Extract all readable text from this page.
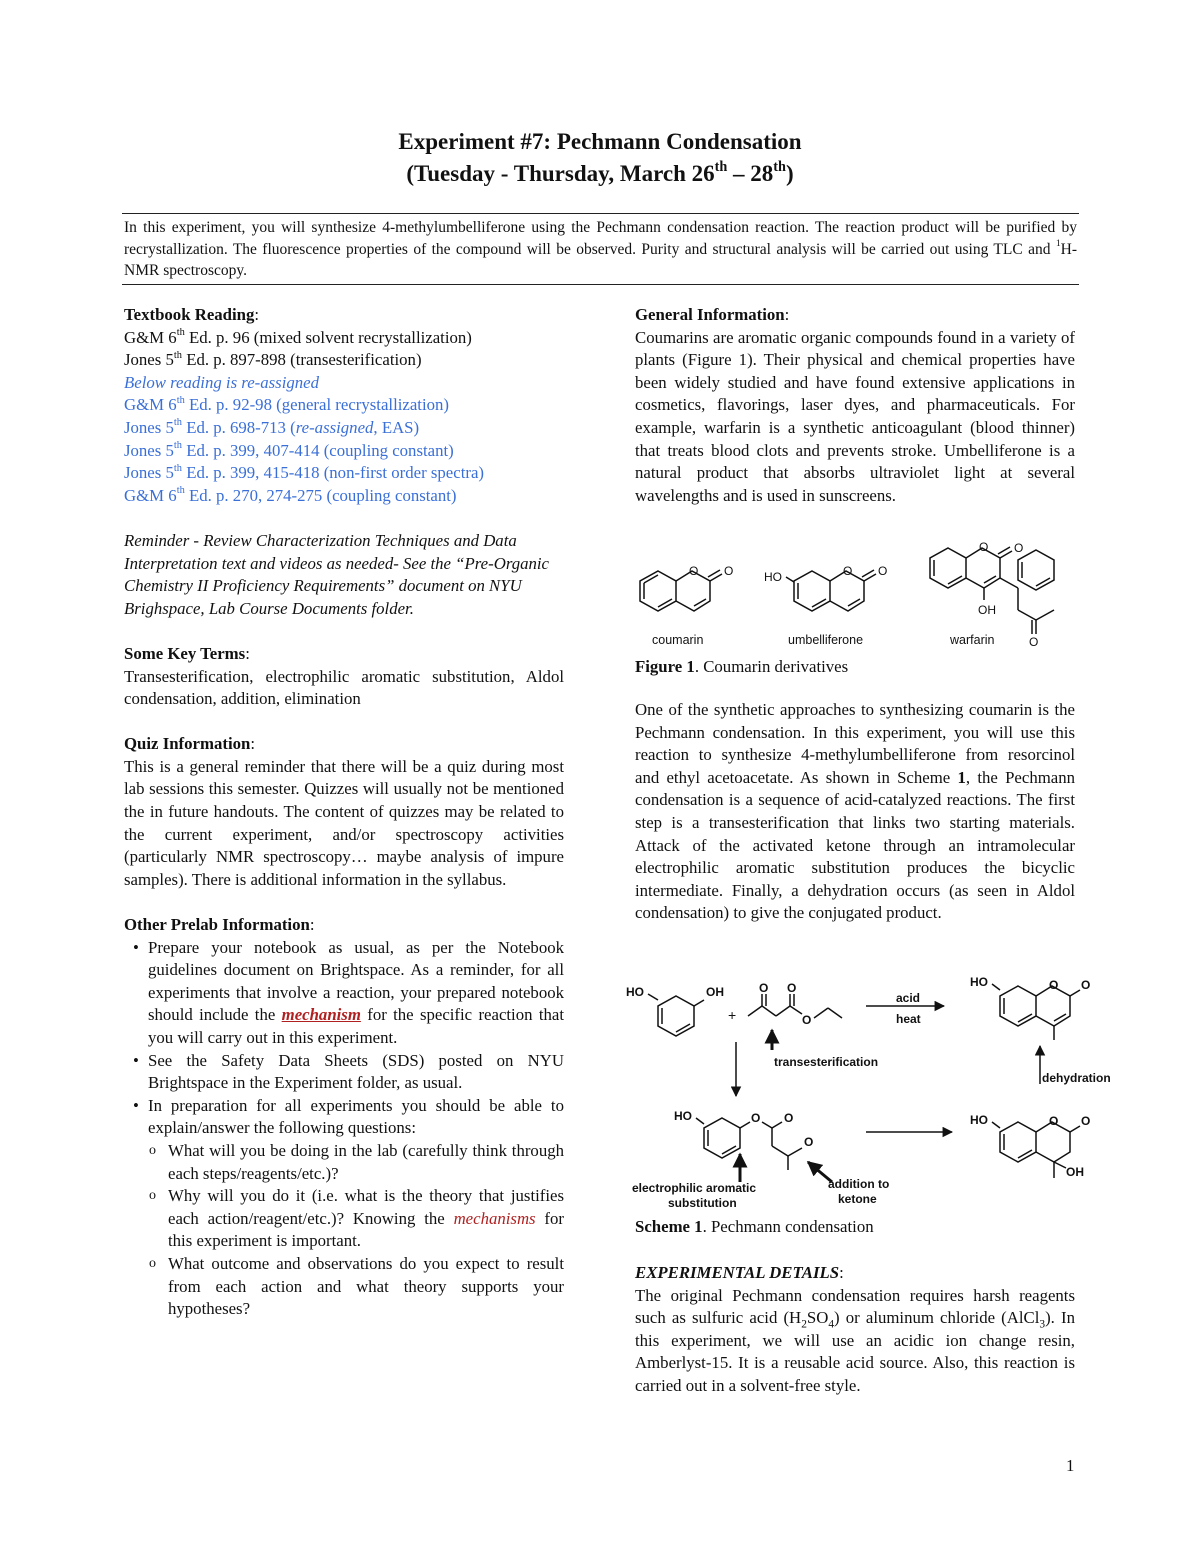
Experiment #7: Pechmann Condensation
(Tuesday - Thursday, March 26th – 28th)
In this experiment, you will synthesize 4-methylumbelliferone using the Pechmann condensation reaction. The reaction product will be purified by recrystallization. The fluorescence properties of the compound will be observed. Purity and structural analysis will be carried out using TLC and $^1$H-NMR spectroscopy.

Textbook Reading:

G&M 6th Ed. p. 96 (mixed solvent recrystallization)

Jones 5th Ed. p. 897-898 (transesterification)

Below reading is re-assigned

G&M 6th Ed. p. 92-98 (general recrystallization)

Jones 5th Ed. p. 698-713 (re-assigned, EAS)

Jones 5th Ed. p. 399, 407-414 (coupling constant)

Jones 5th Ed. p. 399, 415-418 (non-first order spectra)

G&M 6th Ed. p. 270, 274-275 (coupling constant)

Reminder - Review Characterization Techniques and Data Interpretation text and videos as needed- See the “Pre-Organic Chemistry II Proficiency Requirements” document on NYU Brighspace, Lab Course Documents folder.

Some Key Terms:

Transesterification, electrophilic aromatic substitution, Aldol condensation, addition, elimination

Quiz Information:

This is a general reminder that there will be a quiz during most lab sessions this semester. Quizzes will usually not be mentioned the in future handouts. The content of quizzes may be related to the current experiment, and/or spectroscopy activities (particularly NMR spectroscopy… maybe analysis of impure samples). There is additional information in the syllabus.

Other Prelab Information:

• Prepare your notebook as usual, as per the Notebook guidelines document on Brightspace. As a reminder, for all experiments that involve a reaction, your prepared notebook should include the mechanism for the specific reaction that you will carry out in this experiment.
• See the Safety Data Sheets (SDS) posted on NYU Brightspace in the Experiment folder, as usual.
• In preparation for all experiments you should be able to explain/answer the following questions:
o What will you be doing in the lab (carefully think through each steps/reagents/etc.)?
o Why will you do it (i.e. what is the theory that justifies each action/reagent/etc.)? Knowing the mechanisms for this experiment is important.
o What outcome and observations do you expect to result from each action and what theory supports your hypotheses?

General Information:

Coumarins are aromatic organic compounds found in a variety of plants (Figure 1). Their physical and chemical properties have been widely studied and have found extensive applications in cosmetics, flavorings, laser dyes, and pharmaceuticals. For example, warfarin is a synthetic anticoagulant (blood thinner) that treats blood clots and prevents stroke. Umbelliferone is a natural product that absorbs ultraviolet light at several wavelengths and is used in sunscreens.

O O	HO	O O
O O
OH
O
coumarin	umbelliferone	warfarin
Figure 1. Coumarin derivatives

One of the synthetic approaches to synthesizing coumarin is the Pechmann condensation. In this experiment, you will use this reaction to synthesize 4-methylumbelliferone from resorcinol and ethyl acetoacetate. As shown in Scheme 1, the Pechmann condensation is a sequence of acid-catalyzed reactions. The first step is a transesterification that links two starting materials. Attack of the activated ketone through an intramolecular electrophilic aromatic substitution produces the bicyclic intermediate. Finally, a dehydration occurs (as seen in Aldol condensation) to give the conjugated product.

HO	OH
+
O O
O
acid
heat
HO	O O
transesterification
dehydration
HO	O O
O
electrophilic aromatic
substitution
addition to
ketone
HO	O O
OH
Scheme 1. Pechmann condensation

EXPERIMENTAL DETAILS:

The original Pechmann condensation requires harsh reagents such as sulfuric acid $(H_2SO_4)$ or aluminum chloride (AlCl$_3$). In this experiment, we will use an acidic ion change resin, Amberlyst-15. It is a reusable acid source. Also, this reaction is carried out in a solvent-free style.

1
